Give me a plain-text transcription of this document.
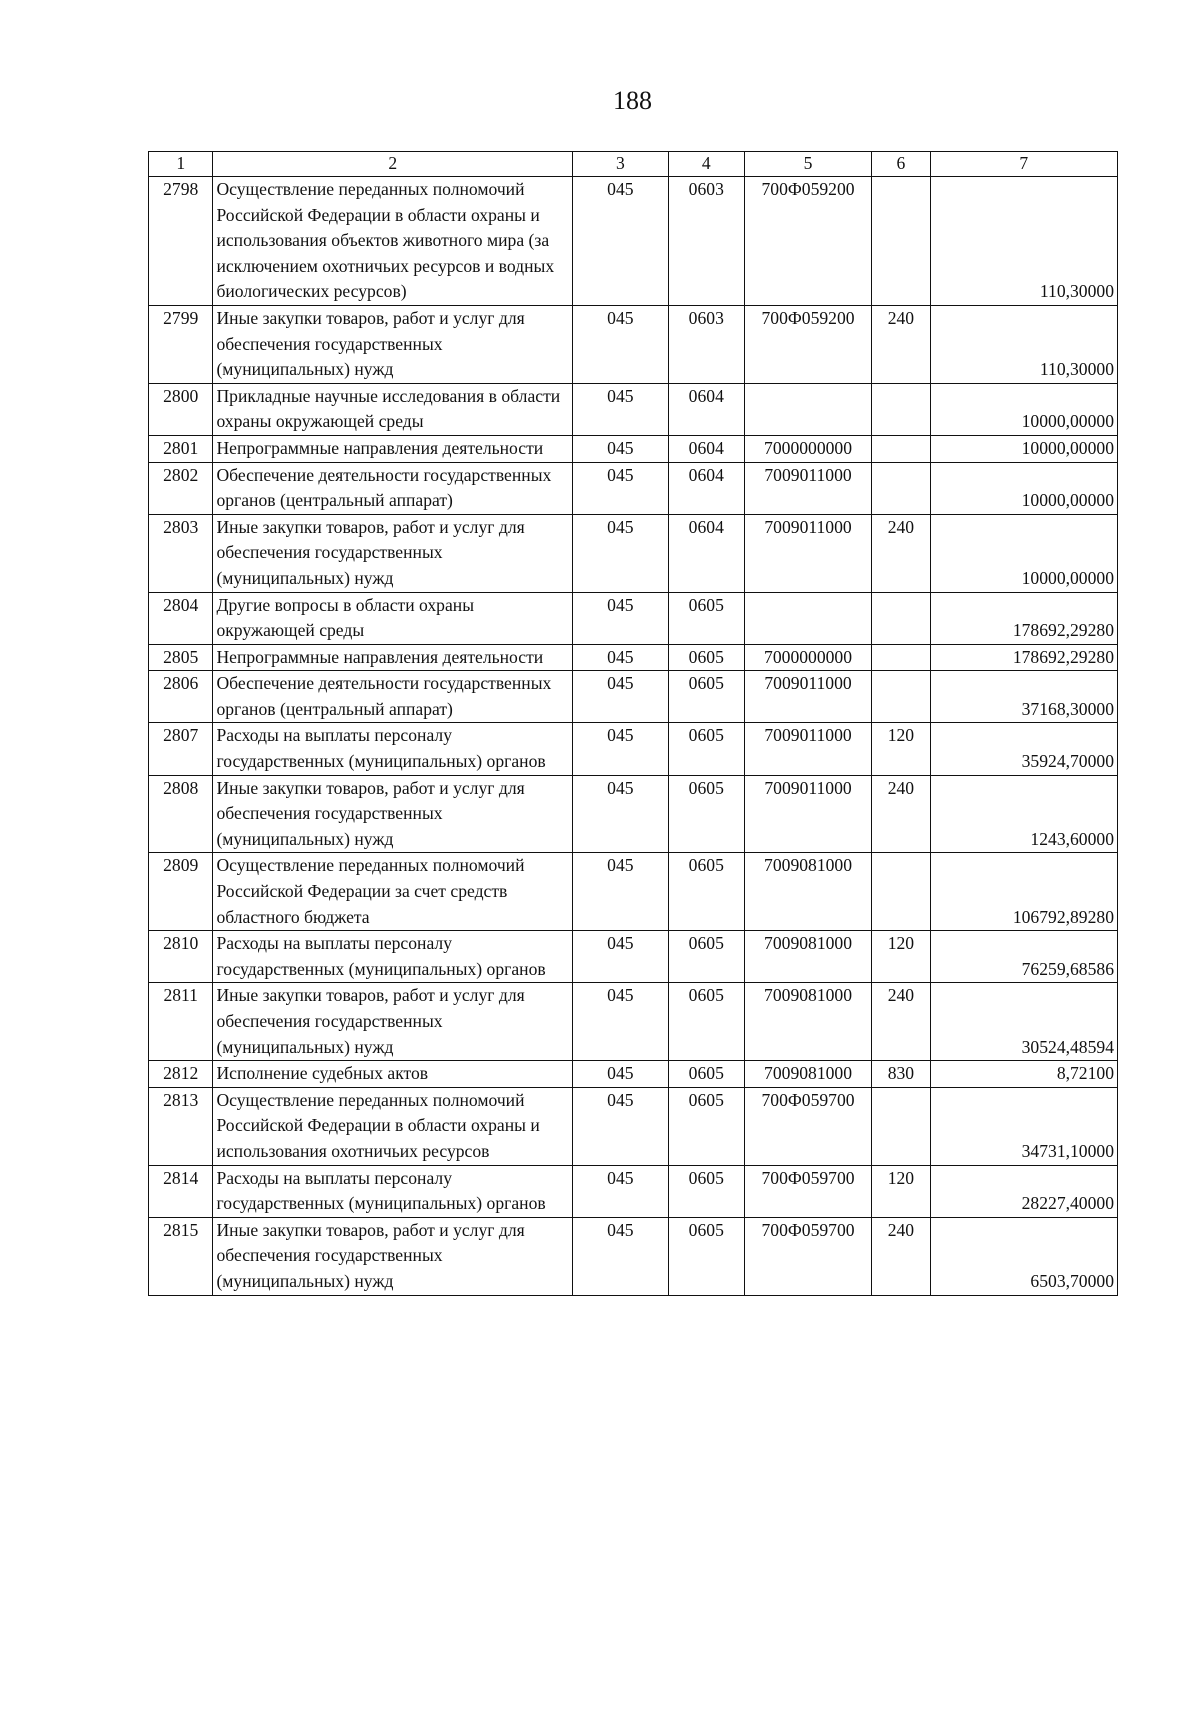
188
1	2	3	4	5	6	7
2798	Осуществление переданных полномочий Российской Федерации в области охраны и использования объектов животного мира (за исключением охотничьих ресурсов и водных биологических ресурсов)	045	0603	700Ф059200		110,30000
2799	Иные закупки товаров, работ и услуг для обеспечения государственных (муниципальных) нужд	045	0603	700Ф059200	240	110,30000
2800	Прикладные научные исследования в области охраны окружающей среды	045	0604			10000,00000
2801	Непрограммные направления деятельности	045	0604	7000000000		10000,00000
2802	Обеспечение деятельности государственных органов (центральный аппарат)	045	0604	7009011000		10000,00000
2803	Иные закупки товаров, работ и услуг для обеспечения государственных (муниципальных) нужд	045	0604	7009011000	240	10000,00000
2804	Другие вопросы в области охраны окружающей среды	045	0605			178692,29280
2805	Непрограммные направления деятельности	045	0605	7000000000		178692,29280
2806	Обеспечение деятельности государственных органов (центральный аппарат)	045	0605	7009011000		37168,30000
2807	Расходы на выплаты персоналу государственных (муниципальных) органов	045	0605	7009011000	120	35924,70000
2808	Иные закупки товаров, работ и услуг для обеспечения государственных (муниципальных) нужд	045	0605	7009011000	240	1243,60000
2809	Осуществление переданных полномочий Российской Федерации за счет средств областного бюджета	045	0605	7009081000		106792,89280
2810	Расходы на выплаты персоналу государственных (муниципальных) органов	045	0605	7009081000	120	76259,68586
2811	Иные закупки товаров, работ и услуг для обеспечения государственных (муниципальных) нужд	045	0605	7009081000	240	30524,48594
2812	Исполнение судебных актов	045	0605	7009081000	830	8,72100
2813	Осуществление переданных полномочий Российской Федерации в области охраны и использования охотничьих ресурсов	045	0605	700Ф059700		34731,10000
2814	Расходы на выплаты персоналу государственных (муниципальных) органов	045	0605	700Ф059700	120	28227,40000
2815	Иные закупки товаров, работ и услуг для обеспечения государственных (муниципальных) нужд	045	0605	700Ф059700	240	6503,70000
